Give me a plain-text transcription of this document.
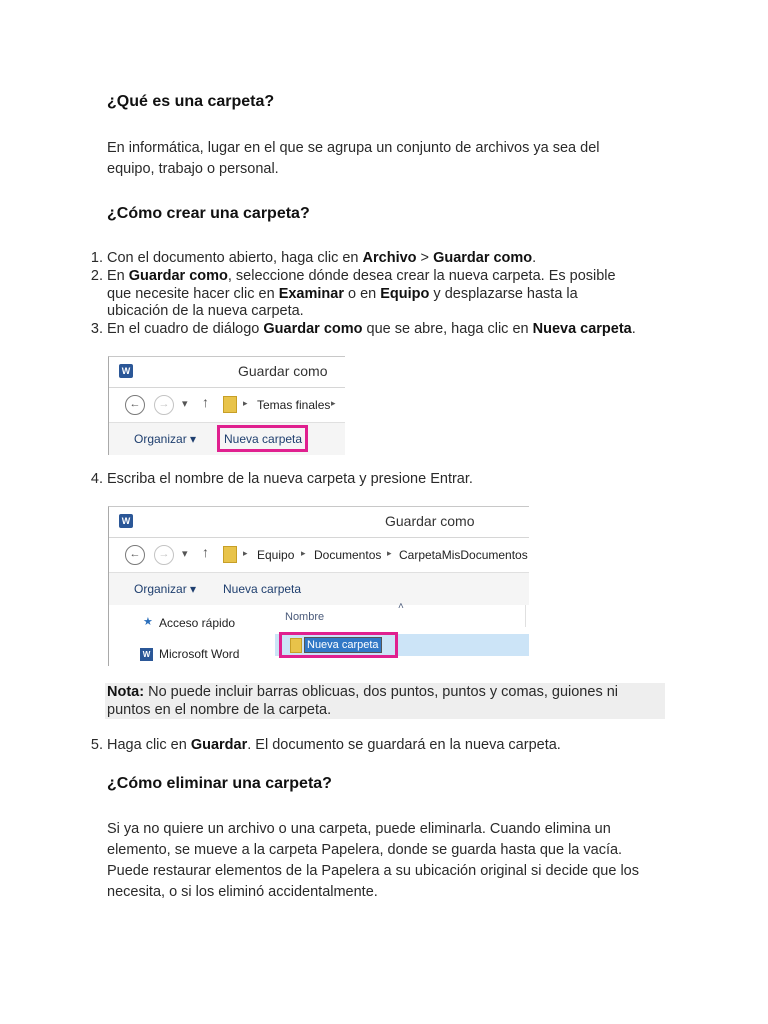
¿Qué es una carpeta?
En informática, lugar en el que se agrupa un conjunto de archivos ya sea del
equipo, trabajo o personal.
¿Cómo crear una carpeta?
1. Con el documento abierto, haga clic en Archivo > Guardar como.
2. En Guardar como, seleccione dónde desea crear la nueva carpeta. Es posible
que necesite hacer clic en Examinar o en Equipo y desplazarse hasta la
ubicación de la nueva carpeta.
3. En el cuadro de diálogo Guardar como que se abre, haga clic en Nueva carpeta.
W	Guardar como
←	→	▾ ↑	▸ Temas finales ▸
Organizar ▾ Nueva carpeta
4. Escriba el nombre de la nueva carpeta y presione Entrar.
W	Guardar como
←	→	▾ ↑	▸ Equipo ▸ Documentos ▸ CarpetaMisDocumentos
Organizar ▾ Nueva carpeta
★ Acceso rápido
W Microsoft Word
Nombre
˄
Nueva carpeta
Nota: No puede incluir barras oblicuas, dos puntos, puntos y comas, guiones ni
puntos en el nombre de la carpeta.
5. Haga clic en Guardar. El documento se guardará en la nueva carpeta.
¿Cómo eliminar una carpeta?
Si ya no quiere un archivo o una carpeta, puede eliminarla. Cuando elimina un
elemento, se mueve a la carpeta Papelera, donde se guarda hasta que la vacía.
Puede restaurar elementos de la Papelera a su ubicación original si decide que los
necesita, o si los eliminó accidentalmente.
